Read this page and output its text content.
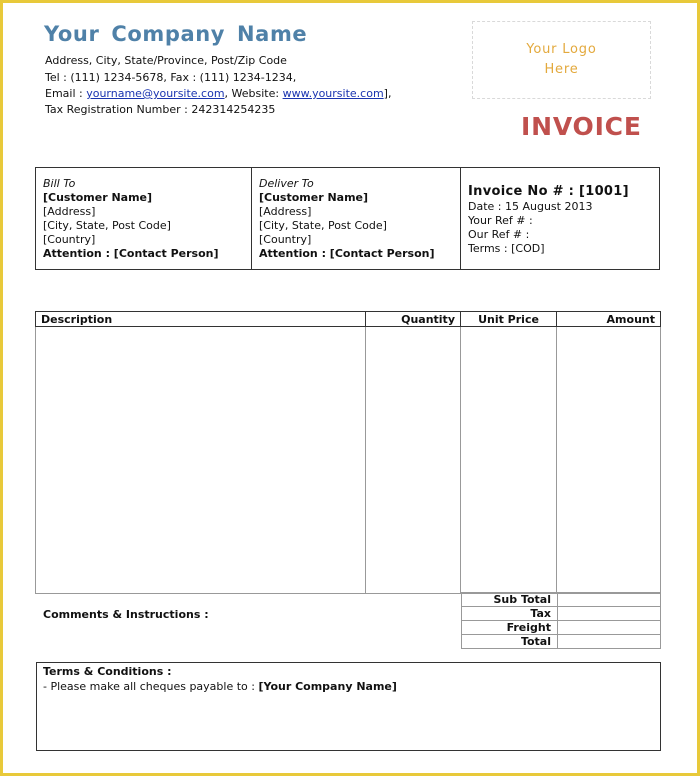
Your Company Name
Address, City, State/Province, Post/Zip Code
Tel : (111) 1234-5678, Fax : (111) 1234-1234,
Email : yourname@yoursite.com, Website: www.yoursite.com],
Tax Registration Number : 242314254235
Your Logo
Here
INVOICE
Bill To
[Customer Name]
[Address]
[City, State, Post Code]
[Country]
Attention : [Contact Person]
Deliver To
[Customer Name]
[Address]
[City, State, Post Code]
[Country]
Attention : [Contact Person]
Invoice No # : [1001]
Date : 15 August 2013
Your Ref # :
Our Ref # :
Terms : [COD]
Description	Quantity	Unit Price	Amount

Comments & Instructions :
Sub Total	
Tax	
Freight	
Total	
Terms & Conditions :
- Please make all cheques payable to : [Your Company Name]
